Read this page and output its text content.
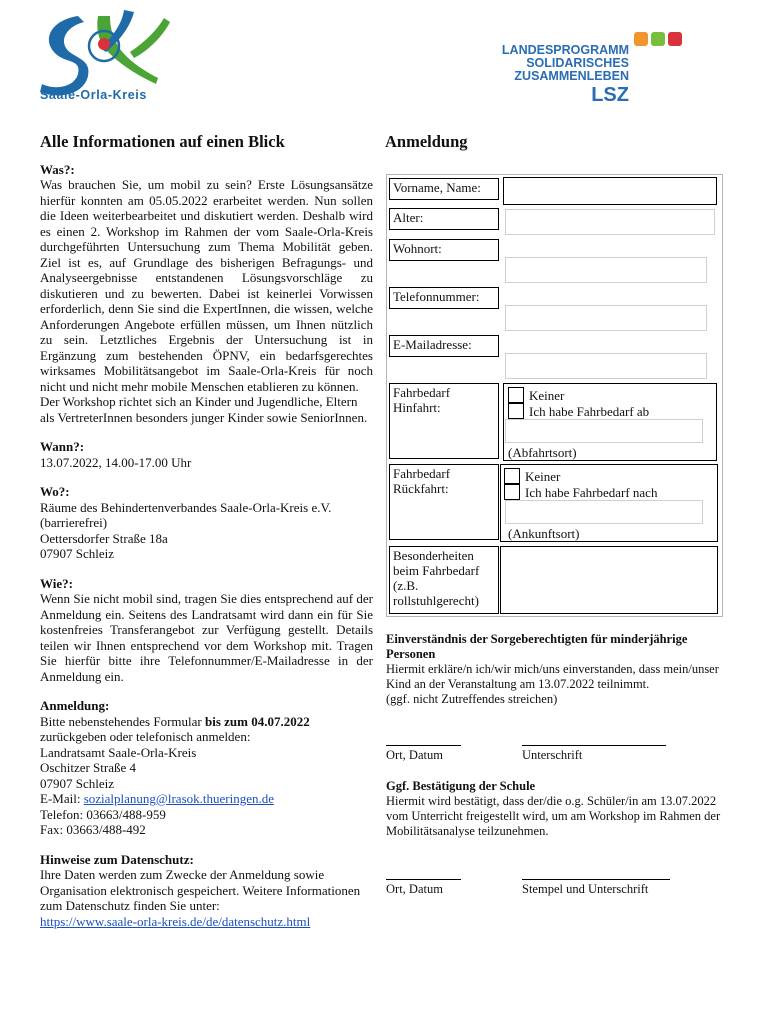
Saale-Orla-Kreis
LANDESPROGRAMM
SOLIDARISCHES
ZUSAMMENLEBEN
LSZ
Alle Informationen auf einen Blick
Was?:
Was brauchen Sie, um mobil zu sein? Erste Lösungsansätze hierfür konnten am 05.05.2022 erarbeitet werden. Nun sollen die Ideen weiterbearbeitet und diskutiert werden. Deshalb wird es einen 2. Workshop im Rahmen der vom Saale-Orla-Kreis durchgeführten Untersuchung zum Thema Mobilität geben. Ziel ist es, auf Grundlage des bisherigen Befragungs- und Analyseergebnisse entstandenen Lösungsvorschläge zu diskutieren und zu bewerten. Dabei ist keinerlei Vorwissen erforderlich, denn Sie sind die ExpertInnen, die wissen, welche Anforderungen Angebote erfüllen müssen, um Ihnen nützlich zu sein. Letztliches Ergebnis der Untersuchung ist in Ergänzung zum bestehenden ÖPNV, ein bedarfsgerechtes wirksames Mobilitätsangebot im Saale-Orla-Kreis für noch nicht und nicht mehr mobile Menschen etablieren zu können.
Der Workshop richtet sich an Kinder und Jugendliche, Eltern als VertreterInnen besonders junger Kinder sowie SeniorInnen.
Wann?:
13.07.2022, 14.00-17.00 Uhr
Wo?:
Räume des Behindertenverbandes Saale-Orla-Kreis e.V.
(barrierefrei)
Oettersdorfer Straße 18a
07907 Schleiz
Wie?:
Wenn Sie nicht mobil sind, tragen Sie dies entsprechend auf der Anmeldung ein. Seitens des Landratsamt wird dann ein für Sie kostenfreies Transferangebot zur Verfügung gestellt. Details teilen wir Ihnen entsprechend vor dem Workshop mit. Tragen Sie hierfür bitte ihre Telefonnummer/E-Mailadresse in der Anmeldung ein.
Anmeldung:
Bitte nebenstehendes Formular bis zum 04.07.2022
zurückgeben oder telefonisch anmelden:
Landratsamt Saale-Orla-Kreis
Oschitzer Straße 4
07907 Schleiz
E-Mail: sozialplanung@lrasok.thueringen.de
Telefon: 03663/488-959
Fax: 03663/488-492
Hinweise zum Datenschutz:
Ihre Daten werden zum Zwecke der Anmeldung sowie Organisation elektronisch gespeichert. Weitere Informationen zum Datenschutz finden Sie unter:
https://www.saale-orla-kreis.de/de/datenschutz.html
Anmeldung
Vorname, Name:
Alter:
Wohnort:
Telefonnummer:
E-Mailadresse:
Fahrbedarf Hinfahrt:
Keiner
Ich habe Fahrbedarf ab
(Abfahrtsort)
Fahrbedarf Rückfahrt:
Keiner
Ich habe Fahrbedarf nach
(Ankunftsort)
Besonderheiten beim Fahrbedarf (z.B. rollstuhlgerecht)
Einverständnis der Sorgeberechtigten für minderjährige Personen
Hiermit erkläre/n ich/wir mich/uns einverstanden, dass mein/unser Kind an der Veranstaltung am 13.07.2022 teilnimmt.
(ggf. nicht Zutreffendes streichen)
Ort, Datum	Unterschrift
Ggf. Bestätigung der Schule
Hiermit wird bestätigt, dass der/die o.g. Schüler/in am 13.07.2022 vom Unterricht freigestellt wird, um am Workshop im Rahmen der Mobilitätsanalyse teilzunehmen.
Ort, Datum	Stempel und Unterschrift
